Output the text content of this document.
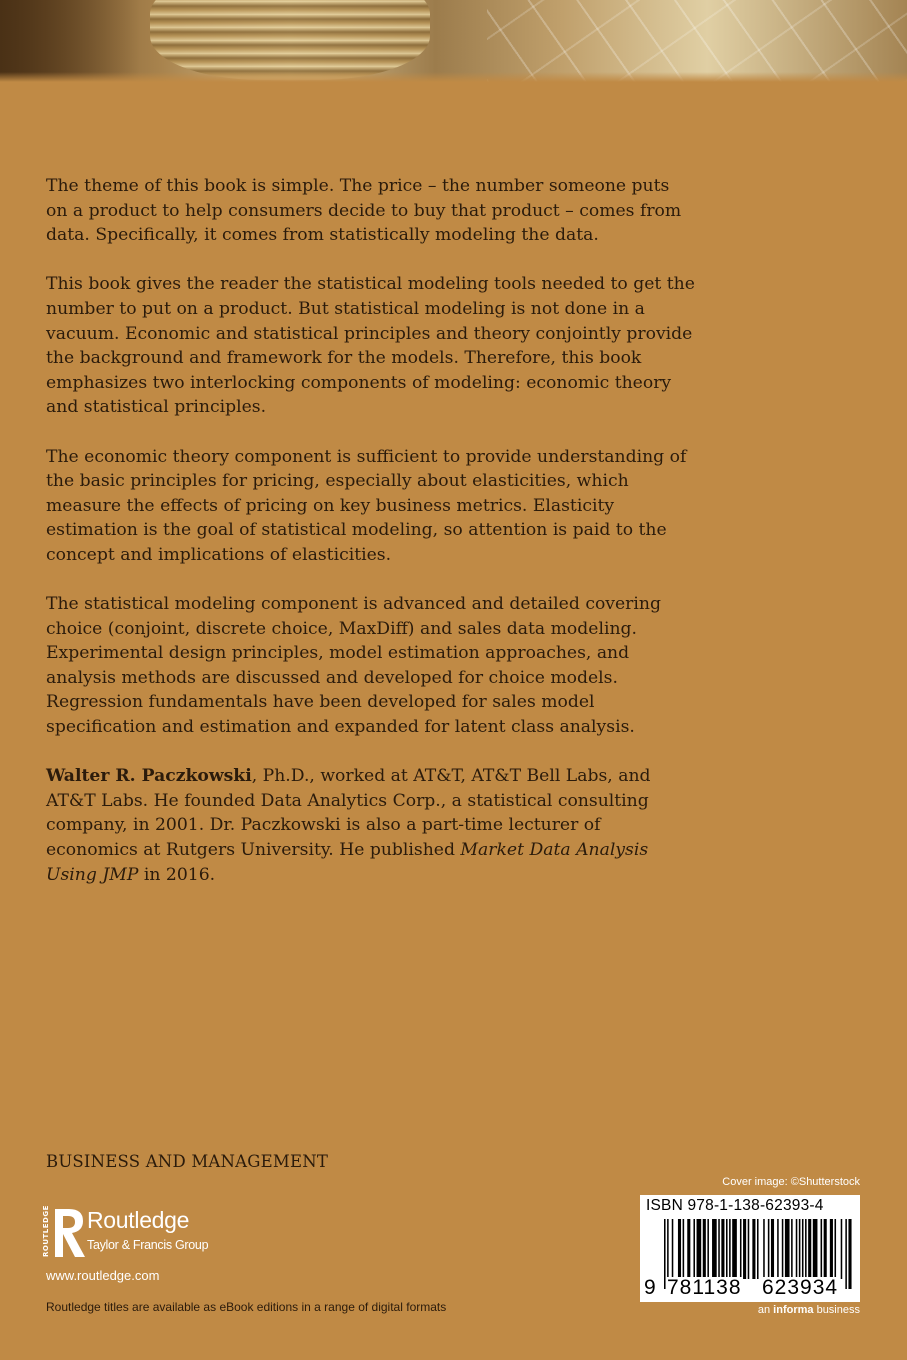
The theme of this book is simple. The price – the number someone puts on a product to help consumers decide to buy that product – comes from data. Specifically, it comes from statistically modeling the data.

This book gives the reader the statistical modeling tools needed to get the number to put on a product. But statistical modeling is not done in a vacuum. Economic and statistical principles and theory conjointly provide the background and framework for the models. Therefore, this book emphasizes two interlocking components of modeling: economic theory and statistical principles.

The economic theory component is sufficient to provide understanding of the basic principles for pricing, especially about elasticities, which measure the effects of pricing on key business metrics. Elasticity estimation is the goal of statistical modeling, so attention is paid to the concept and implications of elasticities.

The statistical modeling component is advanced and detailed covering choice (conjoint, discrete choice, MaxDiff) and sales data modeling. Experimental design principles, model estimation approaches, and analysis methods are discussed and developed for choice models. Regression fundamentals have been developed for sales model specification and estimation and expanded for latent class analysis.

Walter R. Paczkowski, Ph.D., worked at AT&T, AT&T Bell Labs, and AT&T Labs. He founded Data Analytics Corp., a statistical consulting company, in 2001. Dr. Paczkowski is also a part-time lecturer of economics at Rutgers University. He published Market Data Analysis Using JMP in 2016.

BUSINESS AND MANAGEMENT
ROUTLEDGE Routledge
Taylor & Francis Group
www.routledge.com
Routledge titles are available as eBook editions in a range of digital formats
Cover image: ©Shutterstock
ISBN 978-1-138-62393-4
9 781138 623934
an informa business
